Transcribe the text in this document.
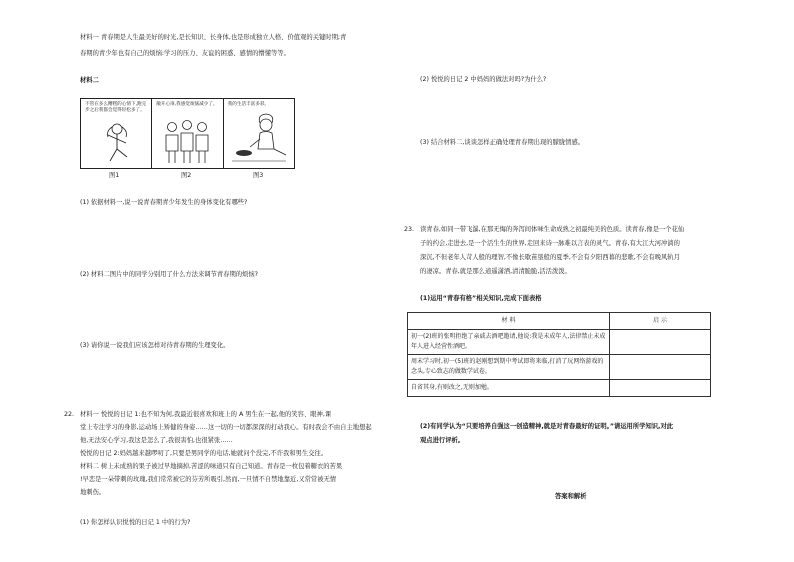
材料一 青春期是人生最美好的时光,是长知识、长身体,也是形成独立人格、价值观的关键时期;青
春期的青少年也有自己的烦恼:学习的压力、友谊的困惑、感情的懵懂等等。
材料二
不管在多么糟糕的心情下,跑完步之后我都会觉得轻松多了。
敞开心扉,我感觉烦恼减少了。 我的生活丰富多彩。
图1	图2	图3
(1) 依据材料一,说一说青春期青少年发生的身体变化有哪些?
(2) 材料二图片中的同学分别用了什么方法来调节青春期的烦恼?
(3) 请你说一说我们应该怎样对待青春期的生理变化。
22. 材料一 悦悦的日记 1:也不知为何,我最近很喜欢和班上的 A 男生在一起,他的笑容、眼神,课
堂上专注学习的身影,运动场上矫健的身姿……这一切的一切都深深的打动我心。有时我会不由自主地想起
他,无法安心学习,我这是怎么了,我很害怕,也很紧张……
悦悦的日记 2:妈妈越来越啰叨了,只要是男同学的电话,她就问个没完,不许我和男生交往。
材料二 树上未成熟的果子被过早地摘掉,苦涩的味道只有自己知道。青春是一枚包着糖衣的苦果
!早恋是一朵带刺的玫瑰,我们常常被它的芬芳所吸引,然而,一旦情不自禁地靠近,又常常被无情
地刺伤。
(1) 你怎样认识悦悦的日记 1 中的行为?
(2) 悦悦的日记 2 中妈妈的做法对吗?为什么?
(3) 结合材料二,谈谈怎样正确处理青春期出现的朦胧情感。
23. 读青春,如同一带飞瀑,在那无悔的奔泻间体味生命成熟之初最纯美的色质。读青春,像是一个花仙
子的约会,走进去,是一个活生生的世界,走回来诗一脉难以言表的灵气。青春,有大江大河冲淌的
深沉,不但老年人苛人般的理智,不像长歇苗垦般的夏季,不会有夕阳西暮的悲歌,不会有晚风轨月
的凄凉。青春,就是那么道遥潇洒,清清脆脆,活活泼泼。
(1)运用“青春有格”相关知识,完成下面表格
材 料	启 示
初一(2)班的张明拒绝了亲戚去酒吧邀请,他说:我是未成年人,法律禁止未成年人进入经营性酒吧。	
周末学习时,初一(5)班的赵刚想到期中考试即将来临,打消了玩网络游戏的念头,专心致志的做数学试卷。	
自省其身,有则改之,无则加勉。	
(2)有同学认为“只要培养自强这一创造精神,就是对青春最好的证明。”请运用所学知识,对此
观点进行评析。
答案和解析
